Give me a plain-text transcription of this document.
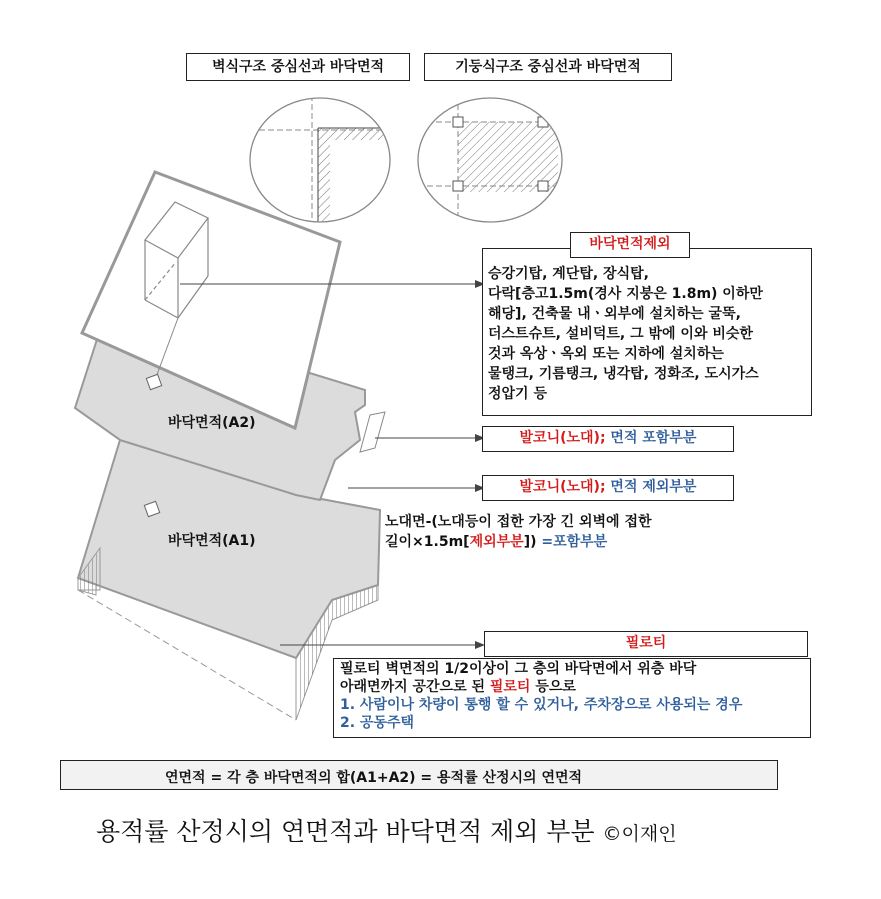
벽식구조 중심선과 바닥면적	기둥식구조 중심선과 바닥면적
바닥면적(A2)
바닥면적(A1)
바닥면적제외
승강기탑, 계단탑, 장식탑,
다락[층고1.5m(경사 지붕은 1.8m) 이하만
해당], 건축물 내ㆍ외부에 설치하는 굴뚝,
더스트슈트, 설비덕트, 그 밖에 이와 비슷한
것과 옥상ㆍ옥외 또는 지하에 설치하는
물탱크, 기름탱크, 냉각탑, 정화조, 도시가스
정압기 등
발코니(노대); 면적 포함부분
발코니(노대); 면적 제외부분
노대면-(노대등이 접한 가장 긴 외벽에 접한
길이×1.5m[제외부분]) =포함부분
필로티
필로티 벽면적의 1/2이상이 그 층의 바닥면에서 위층 바닥
아래면까지 공간으로 된 필로티 등으로
1. 사람이나 차량이 통행 할 수 있거나, 주차장으로 사용되는 경우
2. 공동주택
연면적 = 각 층 바닥면적의 합(A1+A2) = 용적률 산정시의 연면적
용적률 산정시의 연면적과 바닥면적 제외 부분 ©이재인
